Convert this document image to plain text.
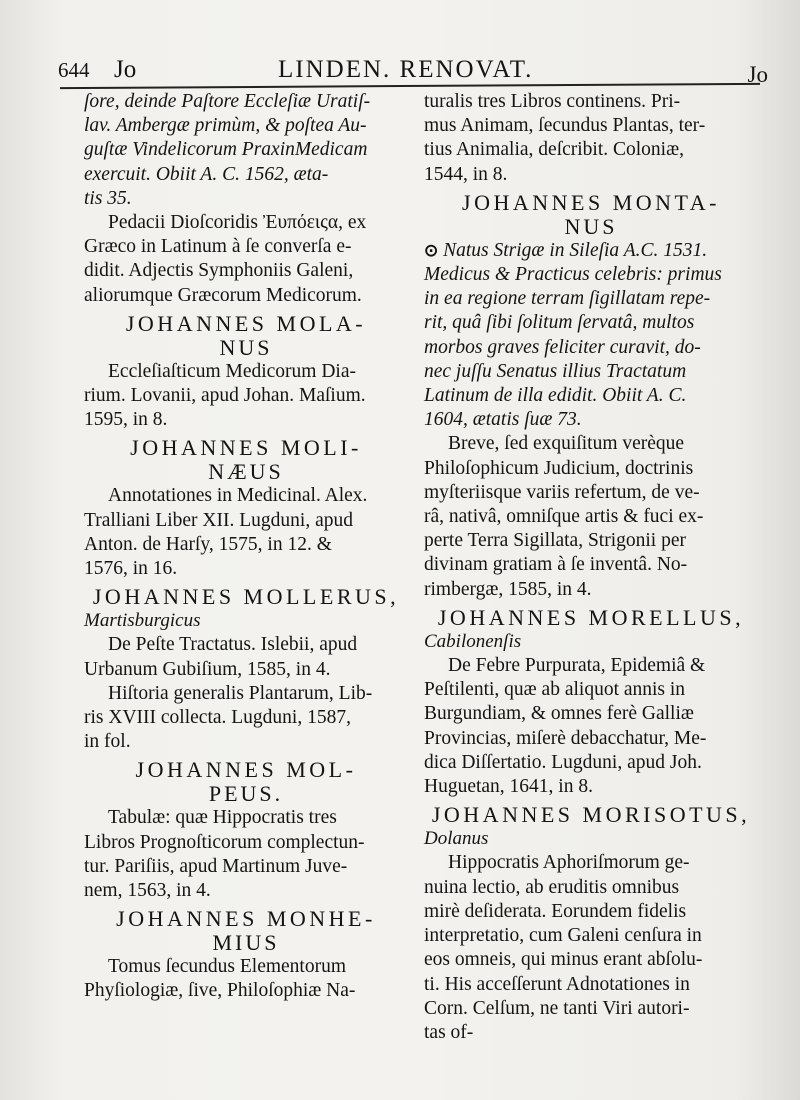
644 Jo	LINDEN. RENOVAT.	Jo

ſore, deinde Paſtore Eccleſiæ Uratiſ-

lav. Ambergæ primùm, & poſtea Au-

guſtæ Vindelicorum PraxinMedicam

exercuit. Obiit A. C. 1562, æta-

tis 35.

Pedacii Dioſcoridis Ἐυπόειςα, ex

Græco in Latinum à ſe converſa e-

didit. Adjectis Symphoniis Galeni,

aliorumque Græcorum Medicorum.

JOHANNES MOLA-
NUS

Eccleſiaſticum Medicorum Dia-

rium. Lovanii, apud Johan. Maſium.

1595, in 8.

JOHANNES MOLI-
NÆUS

Annotationes in Medicinal. Alex.

Tralliani Liber XII. Lugduni, apud

Anton. de Harſy, 1575, in 12. &

1576, in 16.

JOHANNES MOLLERUS,

Martisburgicus

De Peſte Tractatus. Islebii, apud

Urbanum Gubiſium, 1585, in 4.

Hiſtoria generalis Plantarum, Lib-

ris XVIII collecta. Lugduni, 1587,

in fol.

JOHANNES MOL-
PEUS.

Tabulæ: quæ Hippocratis tres

Libros Prognoſticorum complectun-

tur. Pariſiis, apud Martinum Juve-

nem, 1563, in 4.

JOHANNES MONHE-
MIUS

Tomus ſecundus Elementorum

Phyſiologiæ, ſive, Philoſophiæ Na-

turalis tres Libros continens. Pri-

mus Animam, ſecundus Plantas, ter-

tius Animalia, deſcribit. Coloniæ,

1544, in 8.

JOHANNES MONTA-
NUS

⊙ Natus Strigæ in Sileſia A.C. 1531.

Medicus & Practicus celebris: primus

in ea regione terram ſigillatam repe-

rit, quâ ſibi ſolitum ſervatâ, multos

morbos graves feliciter curavit, do-

nec juſſu Senatus illius Tractatum

Latinum de illa edidit. Obiit A. C.

1604, ætatis ſuæ 73.

Breve, ſed exquiſitum verèque

Philoſophicum Judicium, doctrinis

myſteriisque variis refertum, de ve-

râ, nativâ, omniſque artis & fuci ex-

perte Terra Sigillata, Strigonii per

divinam gratiam à ſe inventâ. No-

rimbergæ, 1585, in 4.

JOHANNES MORELLUS,

Cabilonenſis

De Febre Purpurata, Epidemiâ &

Peſtilenti, quæ ab aliquot annis in

Burgundiam, & omnes ferè Galliæ

Provincias, miſerè debacchatur, Me-

dica Diſſertatio. Lugduni, apud Joh.

Huguetan, 1641, in 8.

JOHANNES MORISOTUS,

Dolanus

Hippocratis Aphoriſmorum ge-

nuina lectio, ab eruditis omnibus

mirè deſiderata. Eorundem fidelis

interpretatio, cum Galeni cenſura in

eos omneis, qui minus erant abſolu-

ti. His acceſſerunt Adnotationes in

Corn. Celſum, ne tanti Viri autori-

tas of-
